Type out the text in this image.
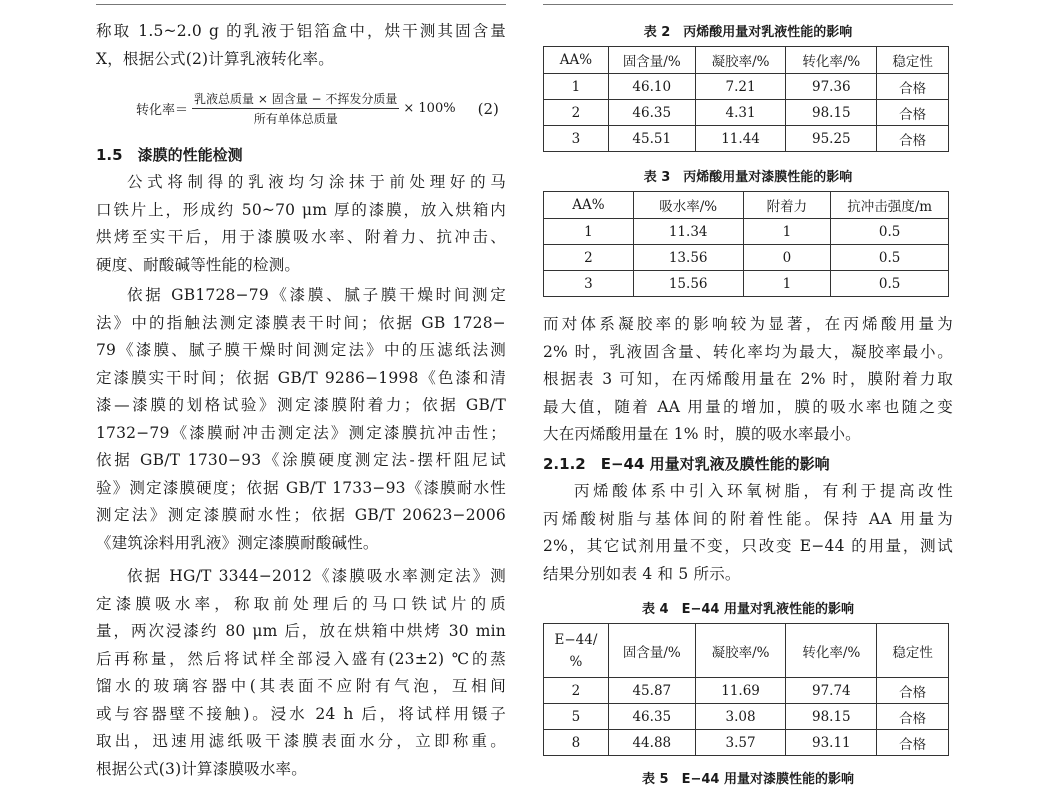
称取 1.5~2.0 g 的乳液于铝箔盒中，烘干测其固含量

X，根据公式(2)计算乳液转化率。

转化率＝ $\frac{\text{乳液总质量 × 固含量 − 不挥发分质量}}{\text{所有单体总质量}} \times 100\%$ (2)

1.5　漆膜的性能检测

公式将制得的乳液均匀涂抹于前处理好的马

口铁片上，形成约 50~70 μm 厚的漆膜，放入烘箱内

烘烤至实干后，用于漆膜吸水率、附着力、抗冲击、

硬度、耐酸碱等性能的检测。

依据 GB1728−79《漆膜、腻子膜干燥时间测定

法》中的指触法测定漆膜表干时间；依据 GB 1728−

79《漆膜、腻子膜干燥时间测定法》中的压滤纸法测

定漆膜实干时间；依据 GB/T 9286−1998《色漆和清

漆—漆膜的划格试验》测定漆膜附着力；依据 GB/T

1732−79《漆膜耐冲击测定法》测定漆膜抗冲击性；

依据 GB/T 1730−93《涂膜硬度测定法-摆杆阻尼试

验》测定漆膜硬度；依据 GB/T 1733−93《漆膜耐水性

测定法》测定漆膜耐水性；依据 GB/T 20623−2006

《建筑涂料用乳液》测定漆膜耐酸碱性。

依据 HG/T 3344−2012《漆膜吸水率测定法》测

定漆膜吸水率，称取前处理后的马口铁试片的质

量，两次浸漆约 80 μm 后，放在烘箱中烘烤 30 min

后再称量，然后将试样全部浸入盛有(23±2) ℃的蒸

馏水的玻璃容器中(其表面不应附有气泡，互相间

或与容器壁不接触)。浸水 24 h 后，将试样用镊子

取出，迅速用滤纸吸干漆膜表面水分，立即称重。

根据公式(3)计算漆膜吸水率。

表 2　丙烯酸用量对乳液性能的影响
AA%	固含量/%	凝胶率/%	转化率/%	稳定性
1	46.10	7.21	97.36	合格
2	46.35	4.31	98.15	合格
3	45.51	11.44	95.25	合格
表 3　丙烯酸用量对漆膜性能的影响
AA%	吸水率/%	附着力	抗冲击强度/m
1	11.34	1	0.5
2	13.56	0	0.5
3	15.56	1	0.5

而对体系凝胶率的影响较为显著，在丙烯酸用量为

2% 时，乳液固含量、转化率均为最大，凝胶率最小。

根据表 3 可知，在丙烯酸用量在 2% 时，膜附着力取

最大值，随着 AA 用量的增加，膜的吸水率也随之变

大在丙烯酸用量在 1% 时，膜的吸水率最小。

2.1.2　E−44 用量对乳液及膜性能的影响

丙烯酸体系中引入环氧树脂，有利于提高改性

丙烯酸树脂与基体间的附着性能。保持 AA 用量为

2%，其它试剂用量不变，只改变 E−44 的用量，测试

结果分别如表 4 和 5 所示。

表 4　E−44 用量对乳液性能的影响
E−44/
%	固含量/%	凝胶率/%	转化率/%	稳定性
2	45.87	11.69	97.74	合格
5	46.35	3.08	98.15	合格
8	44.88	3.57	93.11	合格
表 5　E−44 用量对漆膜性能的影响
